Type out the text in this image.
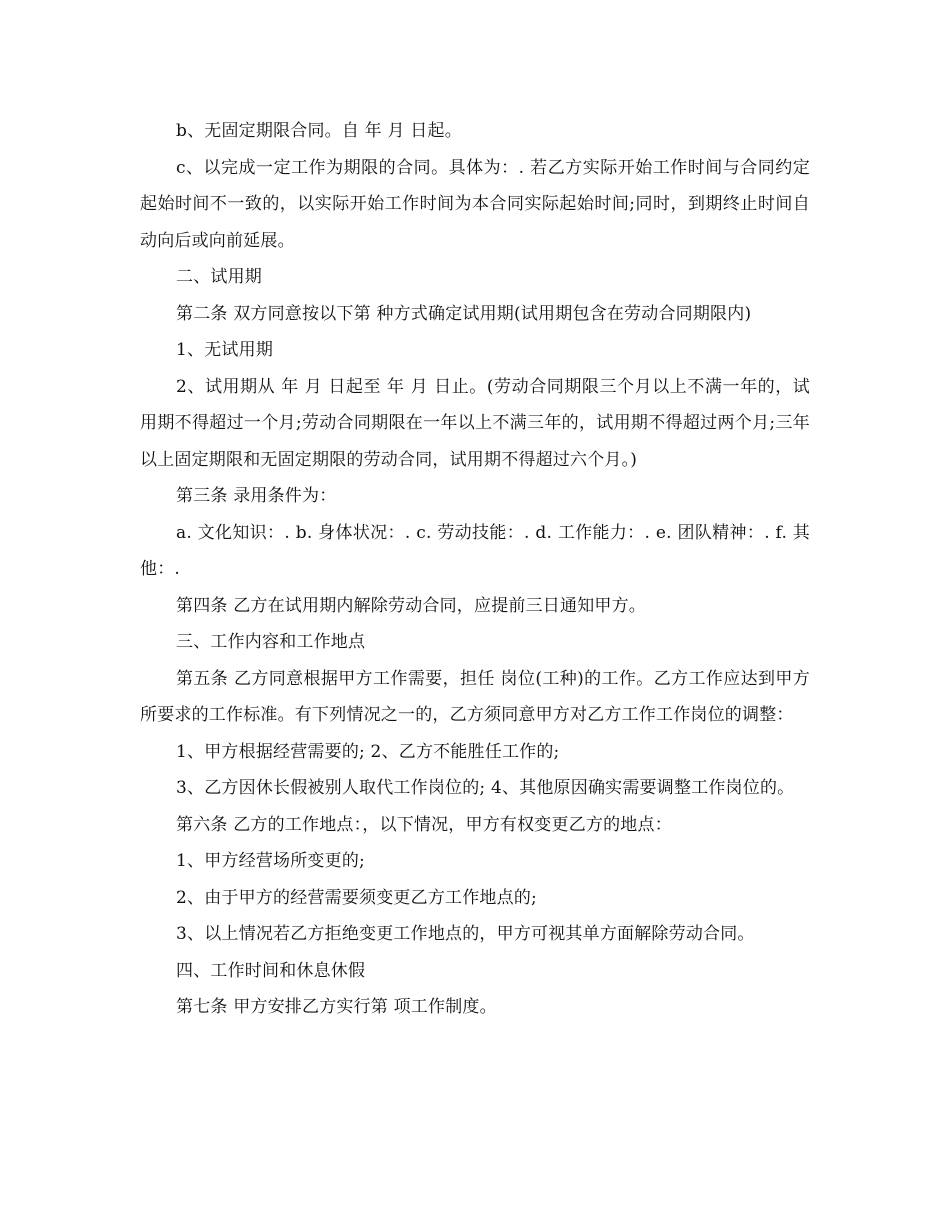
b、无固定期限合同。自 年 月 日起。

c、以完成一定工作为期限的合同。具体为：. 若乙方实际开始工作时间与合同约定起始时间不一致的，以实际开始工作时间为本合同实际起始时间;同时，到期终止时间自动向后或向前延展。

二、试用期

第二条 双方同意按以下第 种方式确定试用期(试用期包含在劳动合同期限内)

1、无试用期

2、试用期从 年 月 日起至 年 月 日止。(劳动合同期限三个月以上不满一年的，试用期不得超过一个月;劳动合同期限在一年以上不满三年的，试用期不得超过两个月;三年以上固定期限和无固定期限的劳动合同，试用期不得超过六个月。)

第三条 录用条件为：

a. 文化知识：. b. 身体状况：. c. 劳动技能：. d. 工作能力：. e. 团队精神：. f. 其他：.

第四条 乙方在试用期内解除劳动合同，应提前三日通知甲方。

三、工作内容和工作地点

第五条 乙方同意根据甲方工作需要，担任 岗位(工种)的工作。乙方工作应达到甲方所要求的工作标准。有下列情况之一的，乙方须同意甲方对乙方工作工作岗位的调整：

1、甲方根据经营需要的; 2、乙方不能胜任工作的;

3、乙方因休长假被别人取代工作岗位的; 4、其他原因确实需要调整工作岗位的。

第六条 乙方的工作地点：，以下情况，甲方有权变更乙方的地点：

1、甲方经营场所变更的;

2、由于甲方的经营需要须变更乙方工作地点的;

3、以上情况若乙方拒绝变更工作地点的，甲方可视其单方面解除劳动合同。

四、工作时间和休息休假

第七条 甲方安排乙方实行第 项工作制度。
